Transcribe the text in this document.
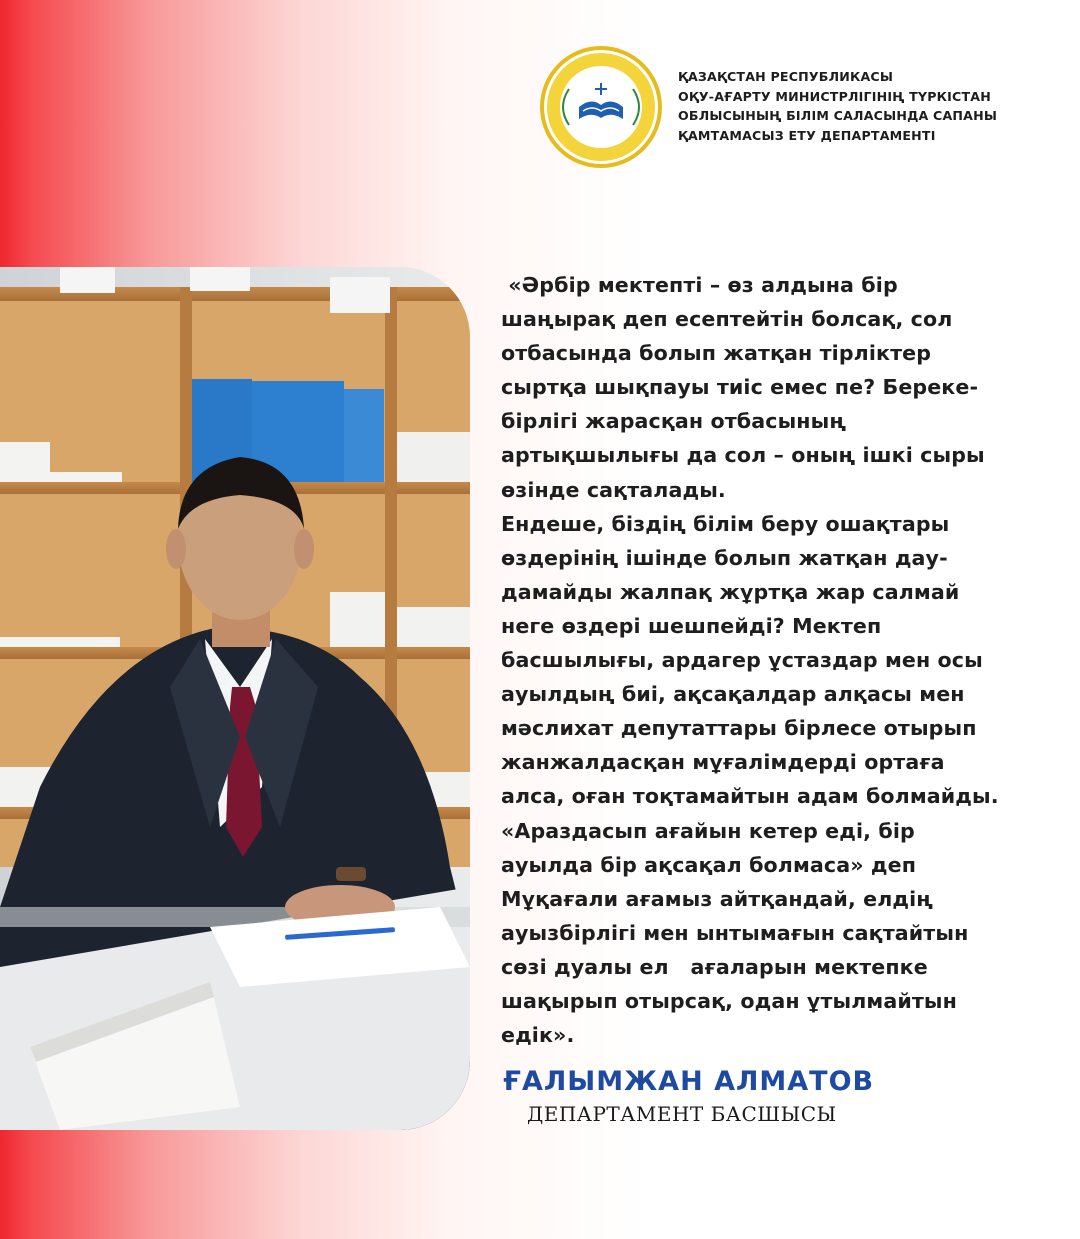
ҚАЗАҚСТАН РЕСПУБЛИКАСЫ
ОҚУ-АҒАРТУ МИНИСТРЛІГІНІҢ ТҮРКІСТАН
ОБЛЫСЫНЫҢ БІЛІМ САЛАСЫНДА САПАНЫ
ҚАМТАМАСЫЗ ЕТУ ДЕПАРТАМЕНТІ
«Әрбір мектепті – өз алдына бір
шаңырақ деп есептейтін болсақ, сол
отбасында болып жатқан тірліктер
сыртқа шықпауы тиіс емес пе? Береке-
бірлігі жарасқан отбасының
артықшылығы да сол – оның ішкі сыры
өзінде сақталады.
Ендеше, біздің білім беру ошақтары
өздерінің ішінде болып жатқан дау-
дамайды жалпақ жұртқа жар салмай
неге өздері шешпейді? Мектеп
басшылығы, ардагер ұстаздар мен осы
ауылдың биі, ақсақалдар алқасы мен
мәслихат депутаттары бірлесе отырып
жанжалдасқан мұғалімдерді ортаға
алса, оған тоқтамайтын адам болмайды.
«Араздасып ағайын кетер еді, бір
ауылда бір ақсақал болмаса» деп
Мұқағали ағамыз айтқандай, елдің
ауызбірлігі мен ынтымағын сақтайтын
сөзі дуалы ел   ағаларын мектепке
шақырып отырсақ, одан ұтылмайтын
едік».
ҒАЛЫМЖАН АЛМАТОВ
ДЕПАРТАМЕНТ БАСШЫСЫ
